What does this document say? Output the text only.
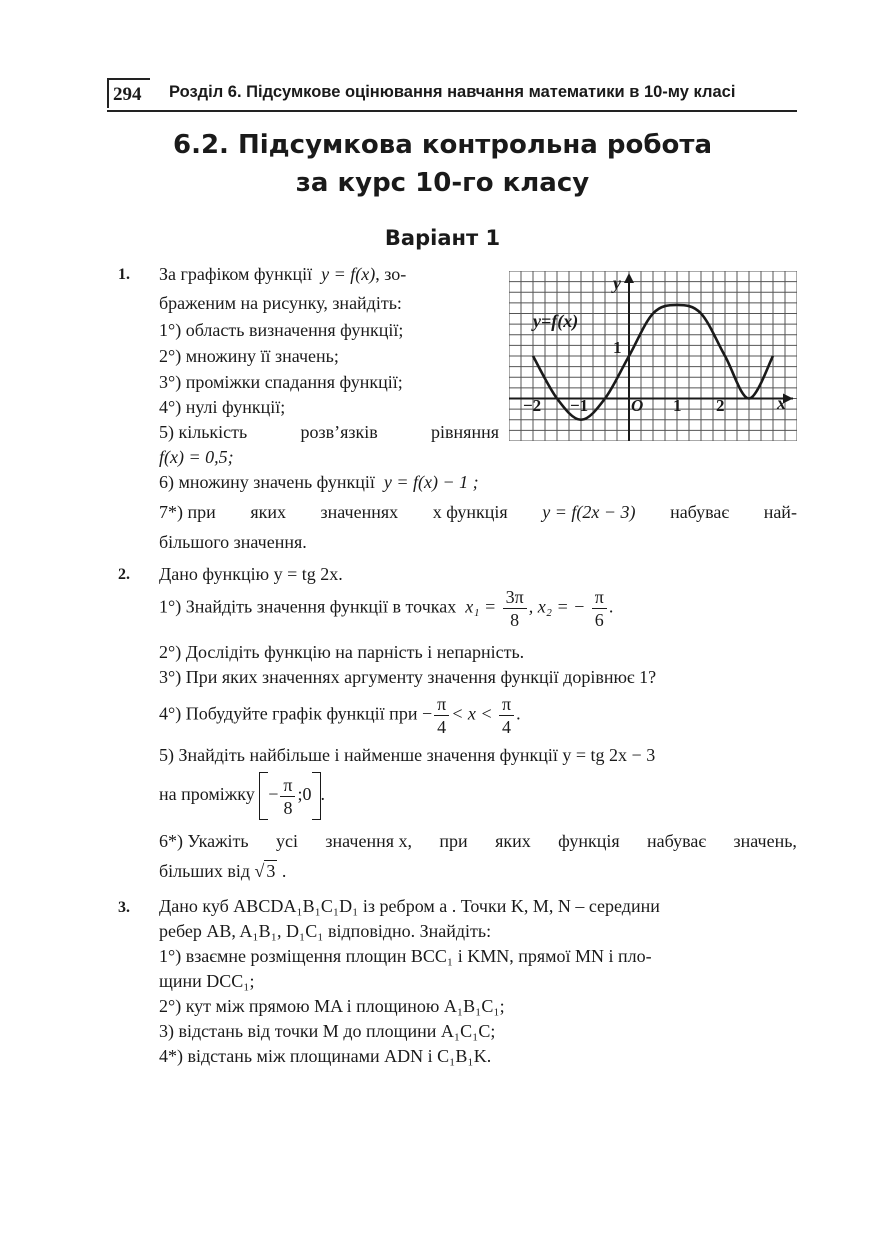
294	Розділ 6. Підсумкове оцінювання навчання математики в 10-му класі
6.2. Підсумкова контрольна робота
за курс 10-го класу
Варіант 1
1. За графіком функції y = f(x), зо-
браженим на рисунку, знайдіть:
1°) область визначення функції;
2°) множину її значень;
3°) проміжки спадання функції;
4°) нулі функції;
5) кількість	розв’язків	рівняння
f(x) = 0,5;
6) множину значень функції y = f(x) − 1 ;
7*) при яких значеннях x функція y = f(2x − 3) набуває най-
більшого значення.
y=f(x)
y
x
1
−2 −1	O 1 2
2. Дано функцію y = tg 2x.
1°) Знайдіть значення функції в точках $x_1 = \frac{3\pi}{8}$ , x₂ = − $\frac{\pi}{6}$ .
2°) Дослідіть функцію на парність і непарність.
3°) При яких значеннях аргументу значення функції дорівнює 1?
4°) Побудуйте графік функції при − $\frac{\pi}{4} < x < \frac{\pi}{4}$ .
5) Знайдіть найбільше і найменше значення функції y = tg 2x − 3
на проміжку − $\frac{\pi}{8}$ ;0 .
6*) Укажіть усі значення x, при яких функція набуває значень,
більших від √ 3 .
3. Дано куб ABCDA₁B₁C₁D₁ із ребром a . Точки K, M, N – середини
ребер AB, A₁B₁, D₁C₁ відповідно. Знайдіть:
1°) взаємне розміщення площин BCC₁ і KMN, прямої MN і пло-
щини DCC₁;
2°) кут між прямою MA і площиною A₁B₁C₁;
3) відстань від точки M до площини A₁C₁C;
4*) відстань між площинами ADN і C₁B₁K.
